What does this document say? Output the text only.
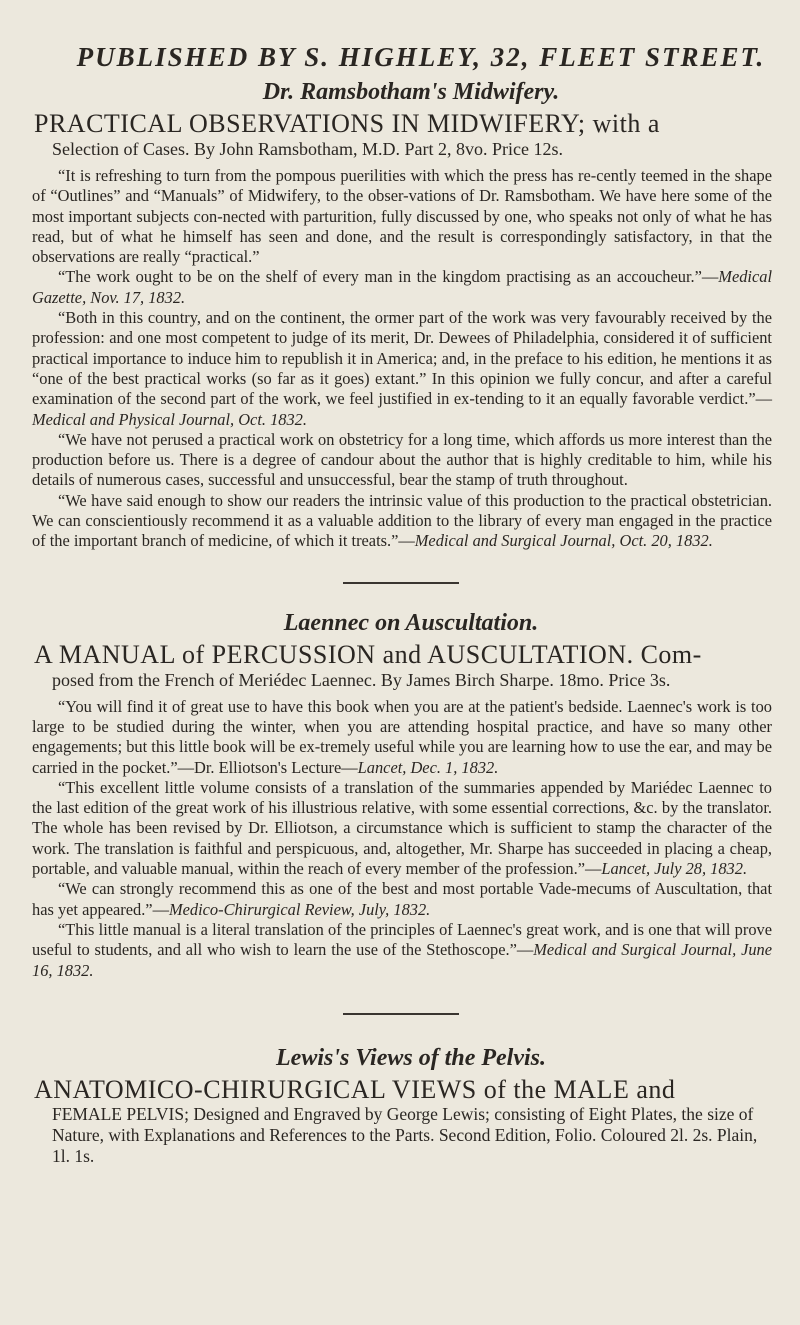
PUBLISHED BY S. HIGHLEY, 32, FLEET STREET.
Dr. Ramsbotham's Midwifery.
PRACTICAL OBSERVATIONS IN MIDWIFERY; with a
Selection of Cases. By John Ramsbotham, M.D. Part 2, 8vo. Price 12s.

“It is refreshing to turn from the pompous puerilities with which the press has re-cently teemed in the shape of “Outlines” and “Manuals” of Midwifery, to the obser-vations of Dr. Ramsbotham. We have here some of the most important subjects con-nected with parturition, fully discussed by one, who speaks not only of what he has read, but of what he himself has seen and done, and the result is correspondingly satisfactory, in that the observations are really “practical.”

“The work ought to be on the shelf of every man in the kingdom practising as an accoucheur.”—Medical Gazette, Nov. 17, 1832.

“Both in this country, and on the continent, the ormer part of the work was very favourably received by the profession: and one most competent to judge of its merit, Dr. Dewees of Philadelphia, considered it of sufficient practical importance to induce him to republish it in America; and, in the preface to his edition, he mentions it as “one of the best practical works (so far as it goes) extant.” In this opinion we fully concur, and after a careful examination of the second part of the work, we feel justified in ex-tending to it an equally favorable verdict.”—Medical and Physical Journal, Oct. 1832.

“We have not perused a practical work on obstetricy for a long time, which affords us more interest than the production before us. There is a degree of candour about the author that is highly creditable to him, while his details of numerous cases, successful and unsuccessful, bear the stamp of truth throughout.

“We have said enough to show our readers the intrinsic value of this production to the practical obstetrician. We can conscientiously recommend it as a valuable addition to the library of every man engaged in the practice of the important branch of medicine, of which it treats.”—Medical and Surgical Journal, Oct. 20, 1832.

Laennec on Auscultation.
A MANUAL of PERCUSSION and AUSCULTATION. Com-
posed from the French of Meriédec Laennec. By James Birch Sharpe. 18mo. Price 3s.

“You will find it of great use to have this book when you are at the patient's bedside. Laennec's work is too large to be studied during the winter, when you are attending hospital practice, and have so many other engagements; but this little book will be ex-tremely useful while you are learning how to use the ear, and may be carried in the pocket.”—Dr. Elliotson's Lecture—Lancet, Dec. 1, 1832.

“This excellent little volume consists of a translation of the summaries appended by Mariédec Laennec to the last edition of the great work of his illustrious relative, with some essential corrections, &c. by the translator. The whole has been revised by Dr. Elliotson, a circumstance which is sufficient to stamp the character of the work. The translation is faithful and perspicuous, and, altogether, Mr. Sharpe has succeeded in placing a cheap, portable, and valuable manual, within the reach of every member of the profession.”—Lancet, July 28, 1832.

“We can strongly recommend this as one of the best and most portable Vade-mecums of Auscultation, that has yet appeared.”—Medico-Chirurgical Review, July, 1832.

“This little manual is a literal translation of the principles of Laennec's great work, and is one that will prove useful to students, and all who wish to learn the use of the Stethoscope.”—Medical and Surgical Journal, June 16, 1832.

Lewis's Views of the Pelvis.
ANATOMICO-CHIRURGICAL VIEWS of the MALE and
FEMALE PELVIS; Designed and Engraved by George Lewis; consisting of Eight Plates, the size of Nature, with Explanations and References to the Parts. Second Edition, Folio. Coloured 2l. 2s. Plain, 1l. 1s.
